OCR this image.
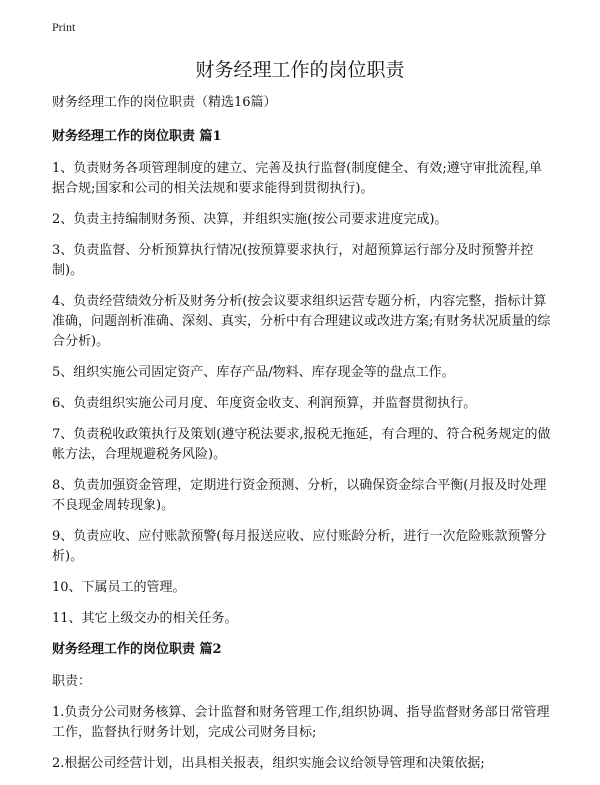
Print
财务经理工作的岗位职责

财务经理工作的岗位职责（精选16篇）

财务经理工作的岗位职责 篇1

1、负责财务各项管理制度的建立、完善及执行监督(制度健全、有效;遵守审批流程,单据合规;国家和公司的相关法规和要求能得到贯彻执行)。

2、负责主持编制财务预、决算，并组织实施(按公司要求进度完成)。

3、负责监督、分析预算执行情况(按预算要求执行，对超预算运行部分及时预警并控制)。

4、负责经营绩效分析及财务分析(按会议要求组织运营专题分析，内容完整，指标计算准确，问题剖析准确、深刻、真实，分析中有合理建议或改进方案;有财务状况质量的综合分析)。

5、组织实施公司固定资产、库存产品/物料、库存现金等的盘点工作。

6、负责组织实施公司月度、年度资金收支、利润预算，并监督贯彻执行。

7、负责税收政策执行及策划(遵守税法要求,报税无拖延，有合理的、符合税务规定的做帐方法，合理规避税务风险)。

8、负责加强资金管理，定期进行资金预测、分析，以确保资金综合平衡(月报及时处理不良现金周转现象)。

9、负责应收、应付账款预警(每月报送应收、应付账龄分析，进行一次危险账款预警分析)。

10、下属员工的管理。

11、其它上级交办的相关任务。

财务经理工作的岗位职责 篇2

职责：

1.负责分公司财务核算、会计监督和财务管理工作,组织协调、指导监督财务部日常管理工作，监督执行财务计划，完成公司财务目标;

2.根据公司经营计划，出具相关报表，组织实施会议给领导管理和决策依据;
